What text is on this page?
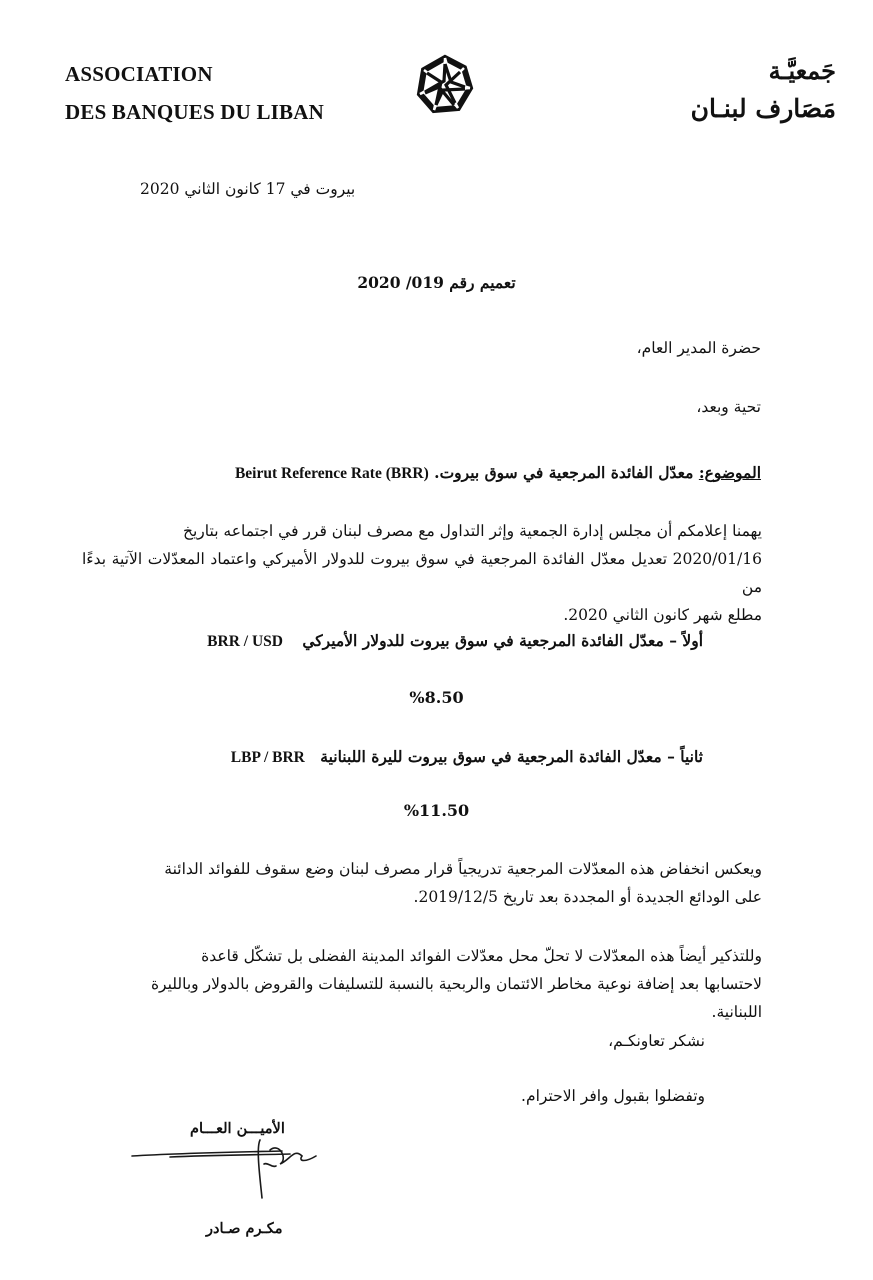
ASSOCIATION
DES BANQUES DU LIBAN
جَمعيَّـة
مَصَارف لبنـان
بيروت في 17 كانون الثاني 2020
تعميم رقم 019/ 2020
حضرة المدير العام،
تحية وبعد،
الموضوع: معدّل الفائدة المرجعية في سوق بيروت. Beirut Reference Rate (BRR)
يهمنا إعلامكم أن مجلس إدارة الجمعية وإثر التداول مع مصرف لبنان قرر في اجتماعه بتاريخ
2020/01/16 تعديل معدّل الفائدة المرجعية في سوق بيروت للدولار الأميركي واعتماد المعدّلات الآتية بدءًا من
مطلع شهر كانون الثاني 2020.
أولاً – معدّل الفائدة المرجعية في سوق بيروت للدولار الأميركي BRR / USD
%8.50
ثانياً – معدّل الفائدة المرجعية في سوق بيروت لليرة اللبنانية LBP / BRR
%11.50
ويعكس انخفاض هذه المعدّلات المرجعية تدريجياً قرار مصرف لبنان وضع سقوف للفوائد الدائنة
على الودائع الجديدة أو المجددة بعد تاريخ 2019/12/5.
وللتذكير أيضاً هذه المعدّلات لا تحلّ محل معدّلات الفوائد المدينة الفضلى بل تشكّل قاعدة
لاحتسابها بعد إضافة نوعية مخاطر الائتمان والربحية بالنسبة للتسليفات والقروض بالدولار وبالليرة
اللبنانية.
نشكر تعاونكـم،
وتفضلوا بقبول وافر الاحترام.
الأميـــن العـــام
مكـرم صـادر
